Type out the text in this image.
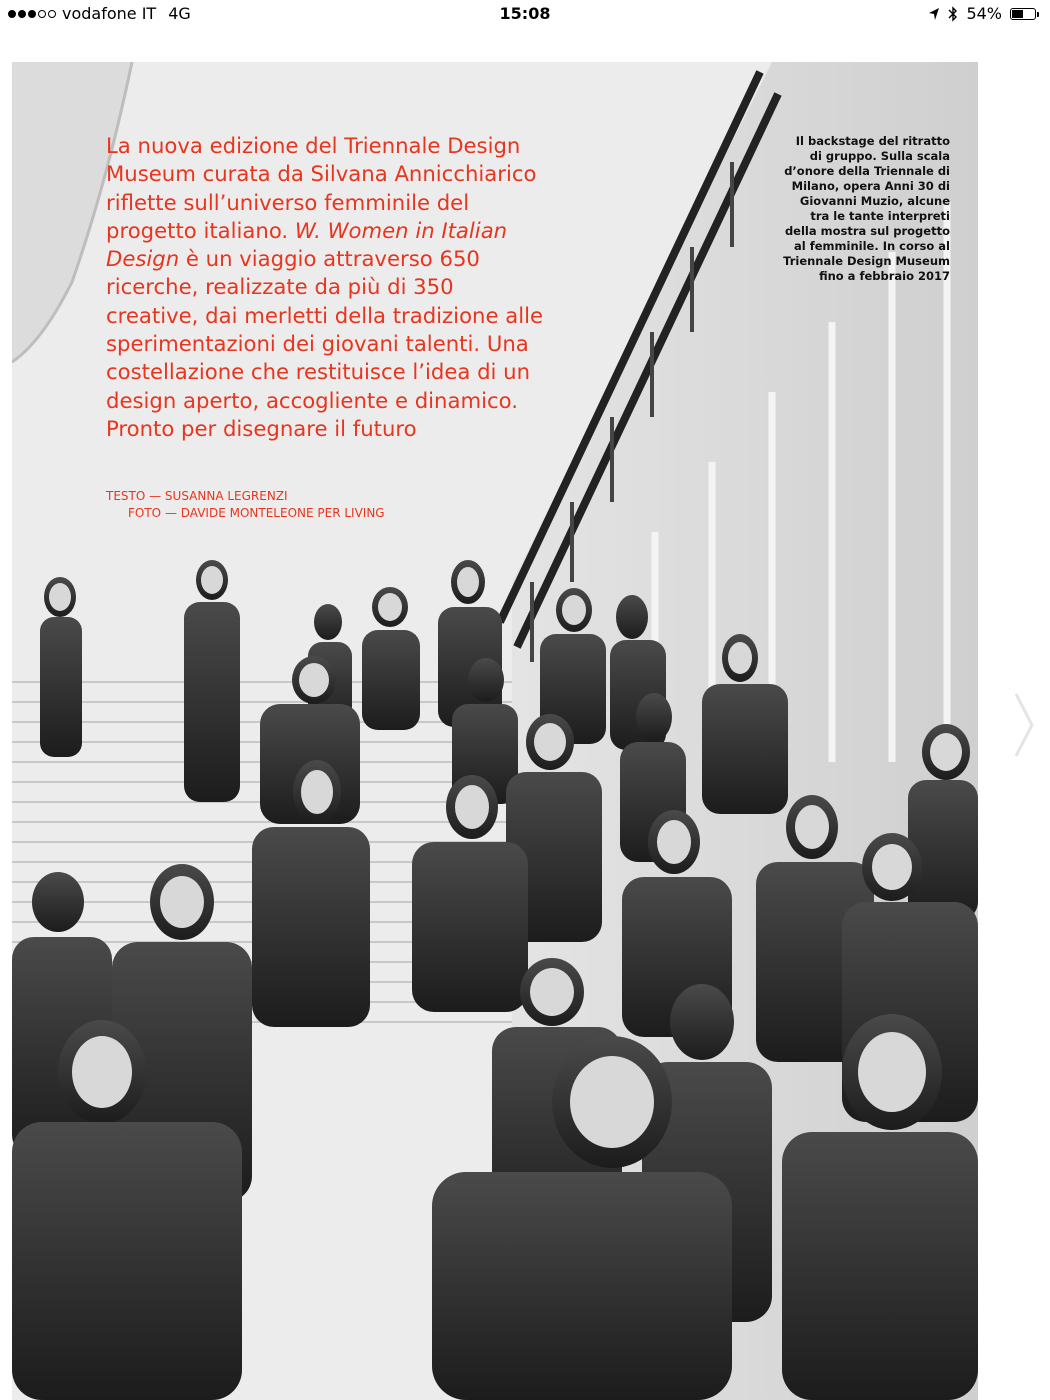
vodafone IT 4G	15:08	54%

La nuova edizione del Triennale Design Museum curata da Silvana Annicchiarico riflette sull’universo femminile del progetto italiano. W. Women in Italian Design è un viaggio attraverso 650 ricerche, realizzate da più di 350 creative, dai merletti della tradizione alle sperimentazioni dei giovani talenti. Una costellazione che restituisce l’idea di un design aperto, accogliente e dinamico. Pronto per disegnare il futuro

TESTO — SUSANNA LEGRENZI
FOTO — DAVIDE MONTELEONE PER LIVING

Il backstage del ritratto di gruppo. Sulla scala d’onore della Triennale di Milano, opera Anni 30 di Giovanni Muzio, alcune tra le tante interpreti della mostra sul progetto al femminile. In corso al Triennale Design Museum fino a febbraio 2017
